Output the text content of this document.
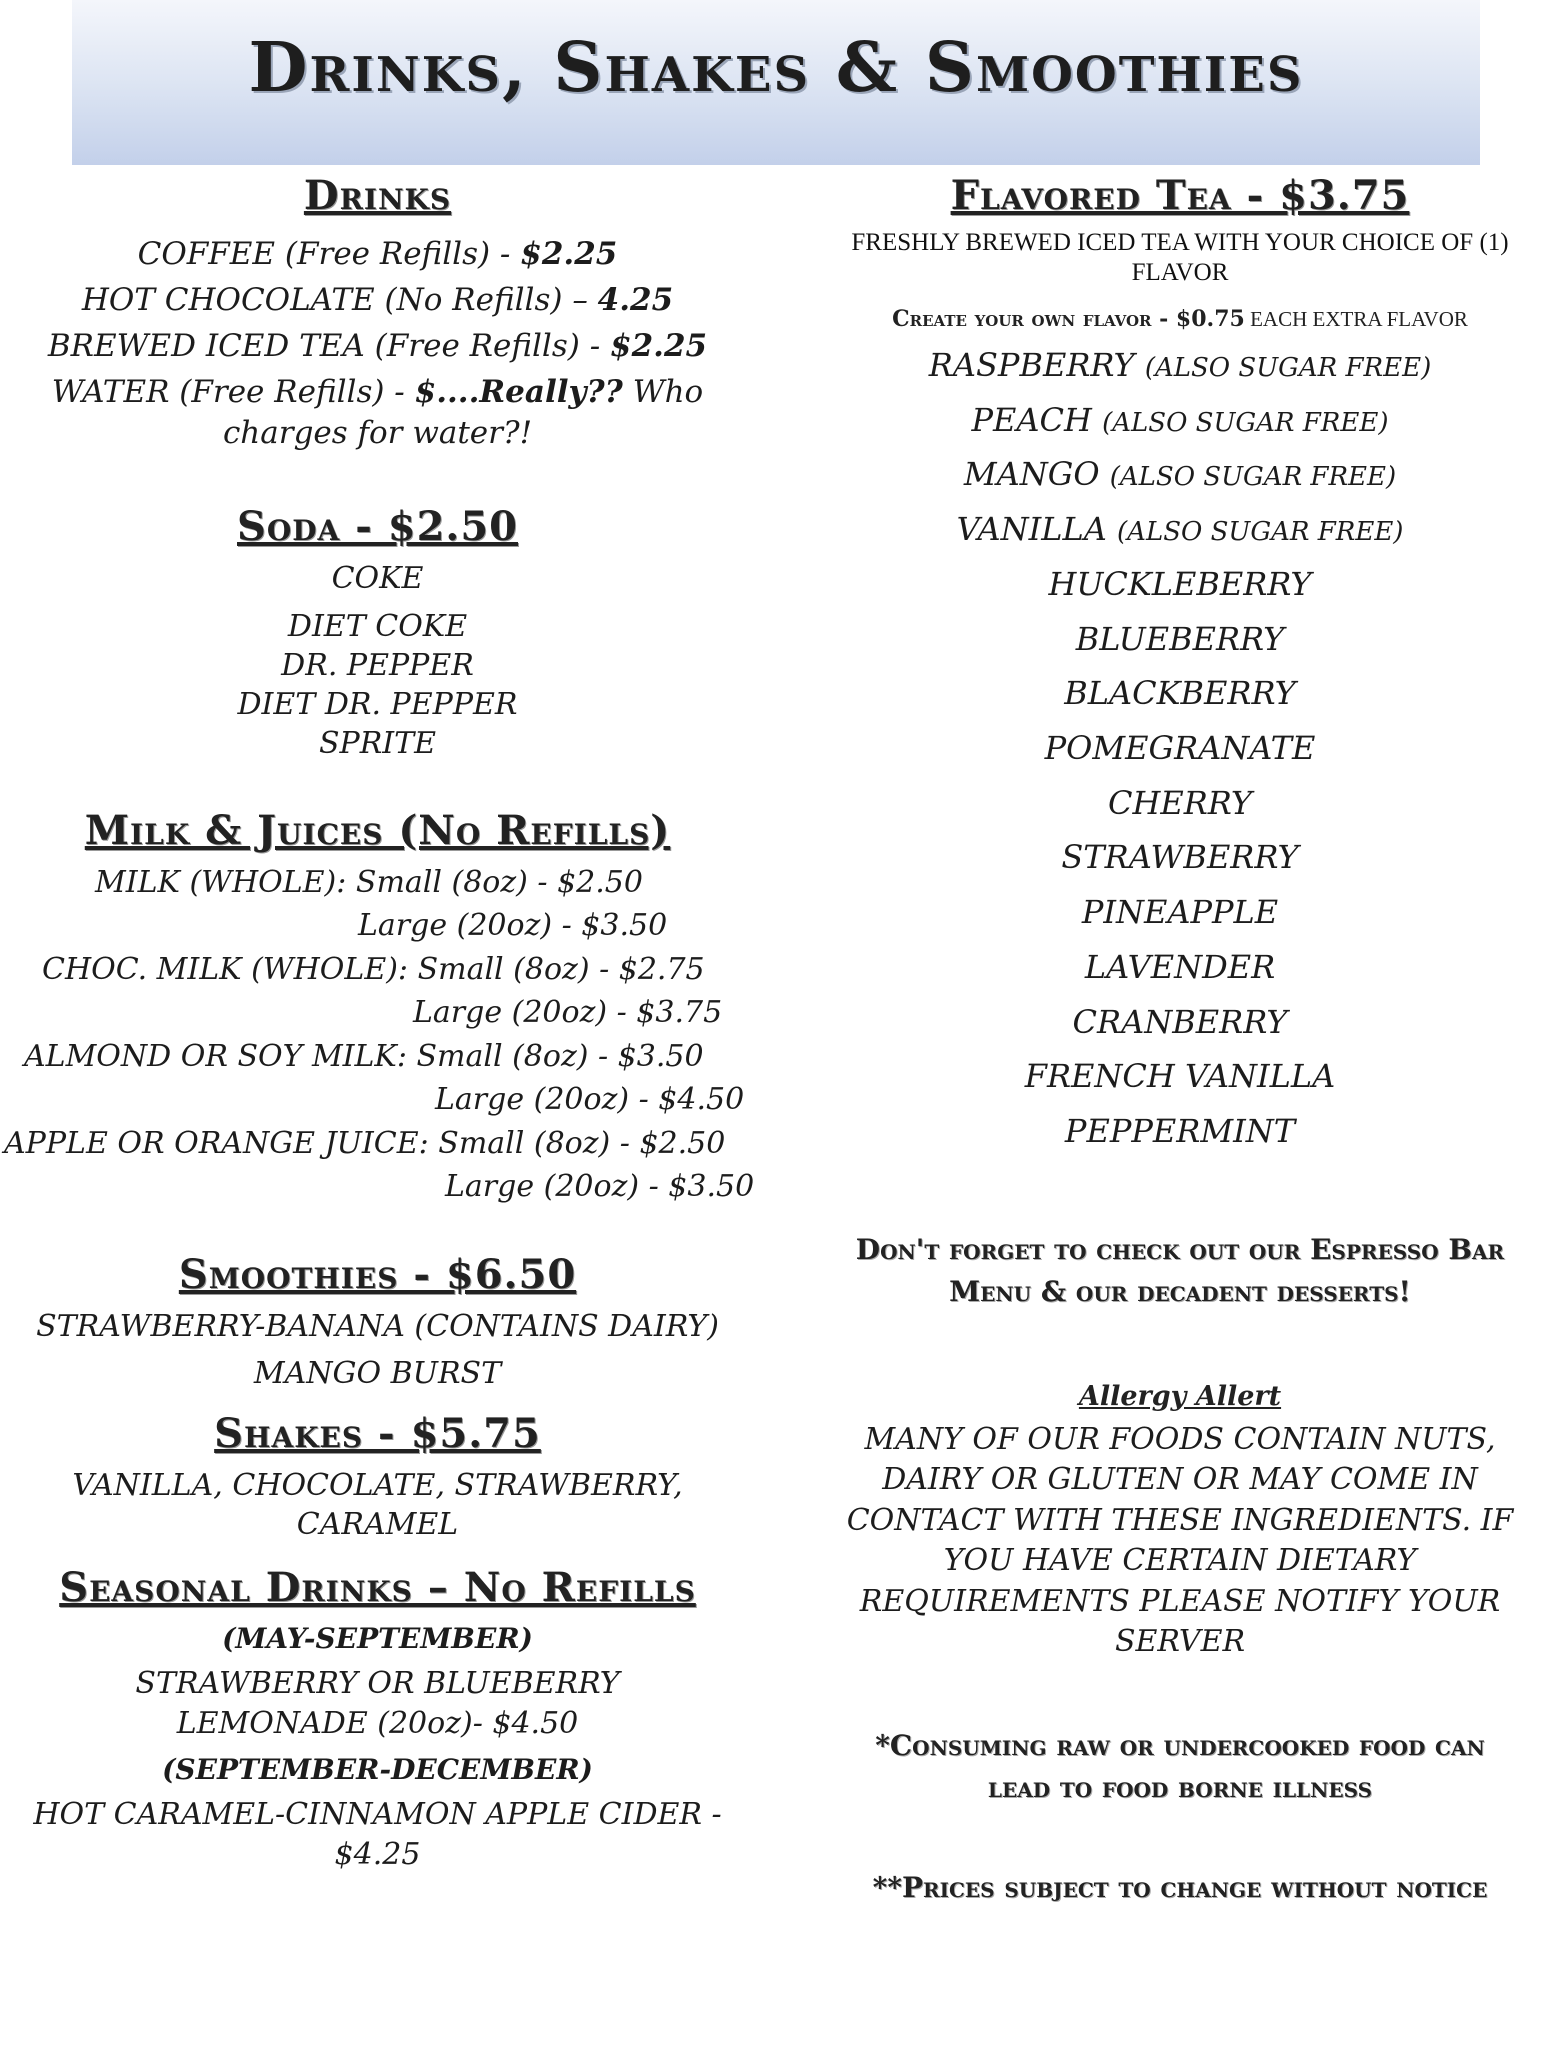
Drinks, Shakes & Smoothies
Drinks
COFFEE (Free Refills) - $2.25
HOT CHOCOLATE (No Refills) – 4.25
BREWED ICED TEA (Free Refills) - $2.25
WATER (Free Refills) - $....Really?? Who
charges for water?!
Soda - $2.50
COKE
DIET COKE
DR. PEPPER
DIET DR. PEPPER
SPRITE
Milk & Juices (No Refills)
MILK (WHOLE): Small (8oz) - $2.50
Large (20oz) - $3.50
CHOC. MILK (WHOLE): Small (8oz) - $2.75
Large (20oz) - $3.75
ALMOND OR SOY MILK: Small (8oz) - $3.50
Large (20oz) - $4.50
APPLE OR ORANGE JUICE: Small (8oz) - $2.50
Large (20oz) - $3.50
Smoothies - $6.50
STRAWBERRY-BANANA (CONTAINS DAIRY)
MANGO BURST
Shakes - $5.75
VANILLA, CHOCOLATE, STRAWBERRY,
CARAMEL
Seasonal Drinks – No Refills
(MAY-SEPTEMBER)
STRAWBERRY OR BLUEBERRY
LEMONADE (20oz)- $4.50
(SEPTEMBER-DECEMBER)
HOT CARAMEL-CINNAMON APPLE CIDER -
$4.25
Flavored Tea - $3.75
FRESHLY BREWED ICED TEA WITH YOUR CHOICE OF (1)
FLAVOR
Create your own flavor - $0.75 EACH EXTRA FLAVOR
RASPBERRY (ALSO SUGAR FREE)
PEACH (ALSO SUGAR FREE)
MANGO (ALSO SUGAR FREE)
VANILLA (ALSO SUGAR FREE)
HUCKLEBERRY
BLUEBERRY
BLACKBERRY
POMEGRANATE
CHERRY
STRAWBERRY
PINEAPPLE
LAVENDER
CRANBERRY
FRENCH VANILLA
PEPPERMINT
Don't forget to check out our Espresso Bar
Menu & our decadent desserts!
Allergy Allert
MANY OF OUR FOODS CONTAIN NUTS,
DAIRY OR GLUTEN OR MAY COME IN
CONTACT WITH THESE INGREDIENTS. IF
YOU HAVE CERTAIN DIETARY
REQUIREMENTS PLEASE NOTIFY YOUR
SERVER
*Consuming raw or undercooked food can
lead to food borne illness
**Prices subject to change without notice
